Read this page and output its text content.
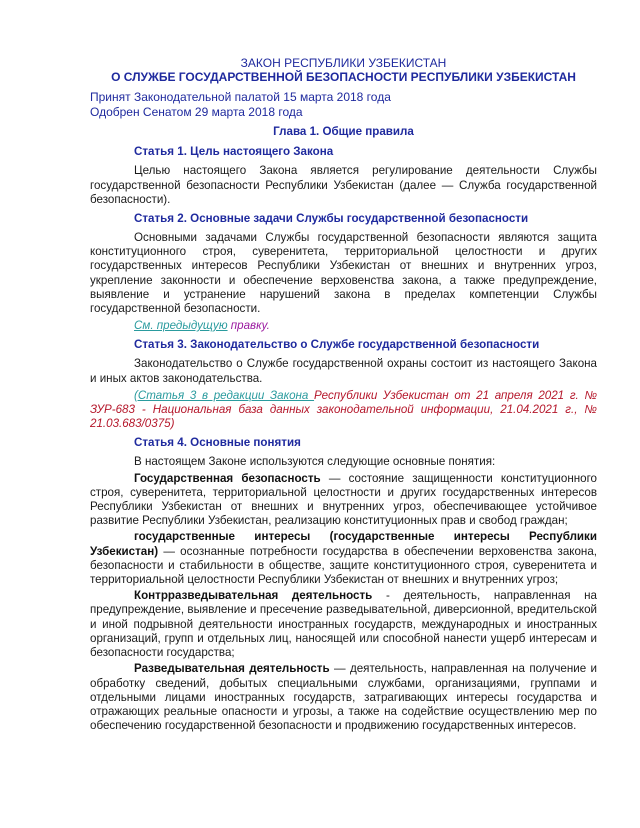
ЗАКОН РЕСПУБЛИКИ УЗБЕКИСТАН
О СЛУЖБЕ ГОСУДАРСТВЕННОЙ БЕЗОПАСНОСТИ РЕСПУБЛИКИ УЗБЕКИСТАН
Принят Законодательной палатой 15 марта 2018 года
Одобрен Сенатом 29 марта 2018 года
Глава 1. Общие правила
Статья 1. Цель настоящего Закона
Целью настоящего Закона является регулирование деятельности Службы государственной безопасности Республики Узбекистан (далее — Служба государственной безопасности).
Статья 2. Основные задачи Службы государственной безопасности
Основными задачами Службы государственной безопасности являются защита конституционного строя, суверенитета, территориальной целостности и других государственных интересов Республики Узбекистан от внешних и внутренних угроз, укрепление законности и обеспечение верховенства закона, а также предупреждение, выявление и устранение нарушений закона в пределах компетенции Службы государственной безопасности.
См. предыдущую правку.
Статья 3. Законодательство о Службе государственной безопасности
Законодательство о Службе государственной охраны состоит из настоящего Закона и иных актов законодательства.
(Статья 3 в редакции Закона Республики Узбекистан от 21 апреля 2021 г. № ЗУР-683 - Национальная база данных законодательной информации, 21.04.2021 г., № 21.03.683/0375)
Статья 4. Основные понятия
В настоящем Законе используются следующие основные понятия:
Государственная безопасность — состояние защищенности конституционного строя, суверенитета, территориальной целостности и других государственных интересов Республики Узбекистан от внешних и внутренних угроз, обеспечивающее устойчивое развитие Республики Узбекистан, реализацию конституционных прав и свобод граждан;
государственные интересы (государственные интересы Республики Узбекистан) — осознанные потребности государства в обеспечении верховенства закона, безопасности и стабильности в обществе, защите конституционного строя, суверенитета и территориальной целостности Республики Узбекистан от внешних и внутренних угроз;
Контрразведывательная деятельность - деятельность, направленная на предупреждение, выявление и пресечение разведывательной, диверсионной, вредительской и иной подрывной деятельности иностранных государств, международных и иностранных организаций, групп и отдельных лиц, наносящей или способной нанести ущерб интересам и безопасности государства;
Разведывательная деятельность — деятельность, направленная на получение и обработку сведений, добытых специальными службами, организациями, группами и отдельными лицами иностранных государств, затрагивающих интересы государства и отражающих реальные опасности и угрозы, а также на содействие осуществлению мер по обеспечению государственной безопасности и продвижению государственных интересов.
